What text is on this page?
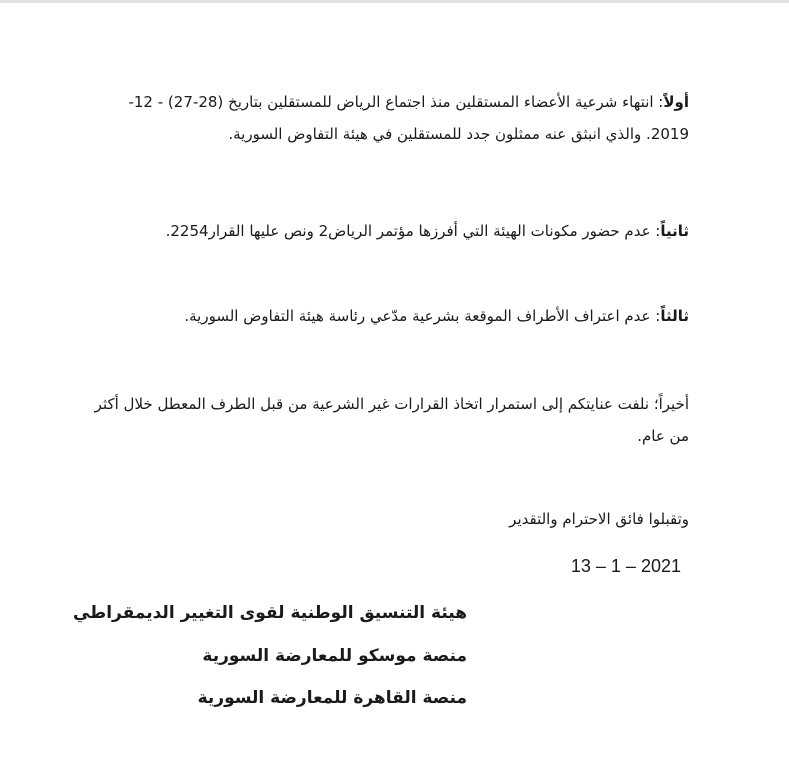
أولاً: انتهاء شرعية الأعضاء المستقلين منذ اجتماع الرياض للمستقلين بتاريخ (28-27) - 12-2019. والذي انبثق عنه ممثلون جدد للمستقلين في هيئة التفاوض السورية.

ثانياً: عدم حضور مكونات الهيئة التي أفرزها مؤتمر الرياض2 ونص عليها القرار2254.

ثالثاً: عدم اعتراف الأطراف الموقعة بشرعية مدّعي رئاسة هيئة التفاوض السورية.

أخيراً؛ نلفت عنايتكم إلى استمرار اتخاذ القرارات غير الشرعية من قبل الطرف المعطل خلال أكثر من عام.

وتقبلوا فائق الاحترام والتقدير

13 – 1 – 2021

هيئة التنسيق الوطنية لقوى التغيير الديمقراطي

منصة موسكو للمعارضة السورية

منصة القاهرة للمعارضة السورية
